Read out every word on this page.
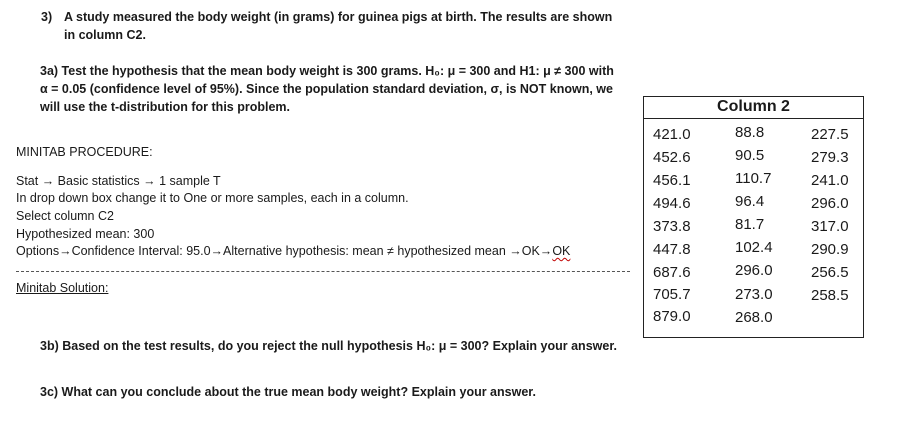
3) A study measured the body weight (in grams) for guinea pigs at birth. The results are shown
in column C2.
3a) Test the hypothesis that the mean body weight is 300 grams. H₀: μ = 300 and H1: μ ≠ 300 with
α = 0.05 (confidence level of 95%). Since the population standard deviation, σ, is NOT known, we
will use the t-distribution for this problem.
MINITAB PROCEDURE:
Stat → Basic statistics → 1 sample T
In drop down box change it to One or more samples, each in a column.
Select column C2
Hypothesized mean: 300
Options→Confidence Interval: 95.0→Alternative hypothesis: mean ≠ hypothesized mean →OK→OK
Minitab Solution:
3b) Based on the test results, do you reject the null hypothesis H₀: μ = 300? Explain your answer.
3c) What can you conclude about the true mean body weight? Explain your answer.
Column 2
421.0
452.6
456.1
494.6
373.8
447.8
687.6
705.7
879.0
88.8
90.5
110.7
96.4
81.7
102.4
296.0
273.0
268.0
227.5
279.3
241.0
296.0
317.0
290.9
256.5
258.5
